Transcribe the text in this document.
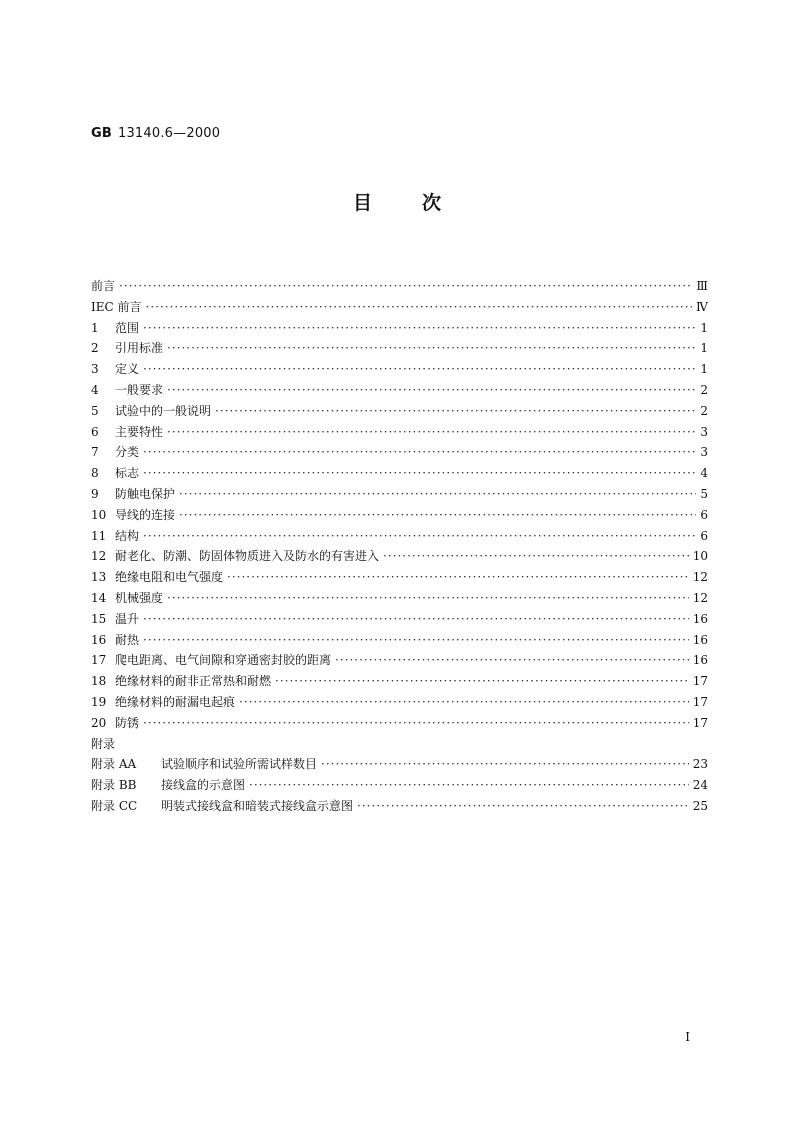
GB 13140.6—2000
目次
前言 ·····	Ⅲ
IEC 前言 ·····	Ⅳ
1	范围 ·····	1
2	引用标准 ·····	1
3	定义 ·····	1
4	一般要求 ·····	2
5	试验中的一般说明 ·····	2
6	主要特性 ·····	3
7	分类 ·····	3
8	标志 ·····	4
9	防触电保护 ·····	5
10 导线的连接 ·····	6
11 结构 ·····	6
12 耐老化、防潮、防固体物质进入及防水的有害进入 ·····	10
13 绝缘电阻和电气强度 ·····	12
14 机械强度 ·····	12
15 温升 ·····	16
16 耐热 ·····	16
17 爬电距离、电气间隙和穿通密封胶的距离 ·····	16
18 绝缘材料的耐非正常热和耐燃 ·····	17
19 绝缘材料的耐漏电起痕 ·····	17
20 防锈 ·····	17
附录
附录 AA	试验顺序和试验所需试样数目 ·····	23
附录 BB	接线盒的示意图 ·····	24
附录 CC	明装式接线盒和暗装式接线盒示意图 ·····	25
I
